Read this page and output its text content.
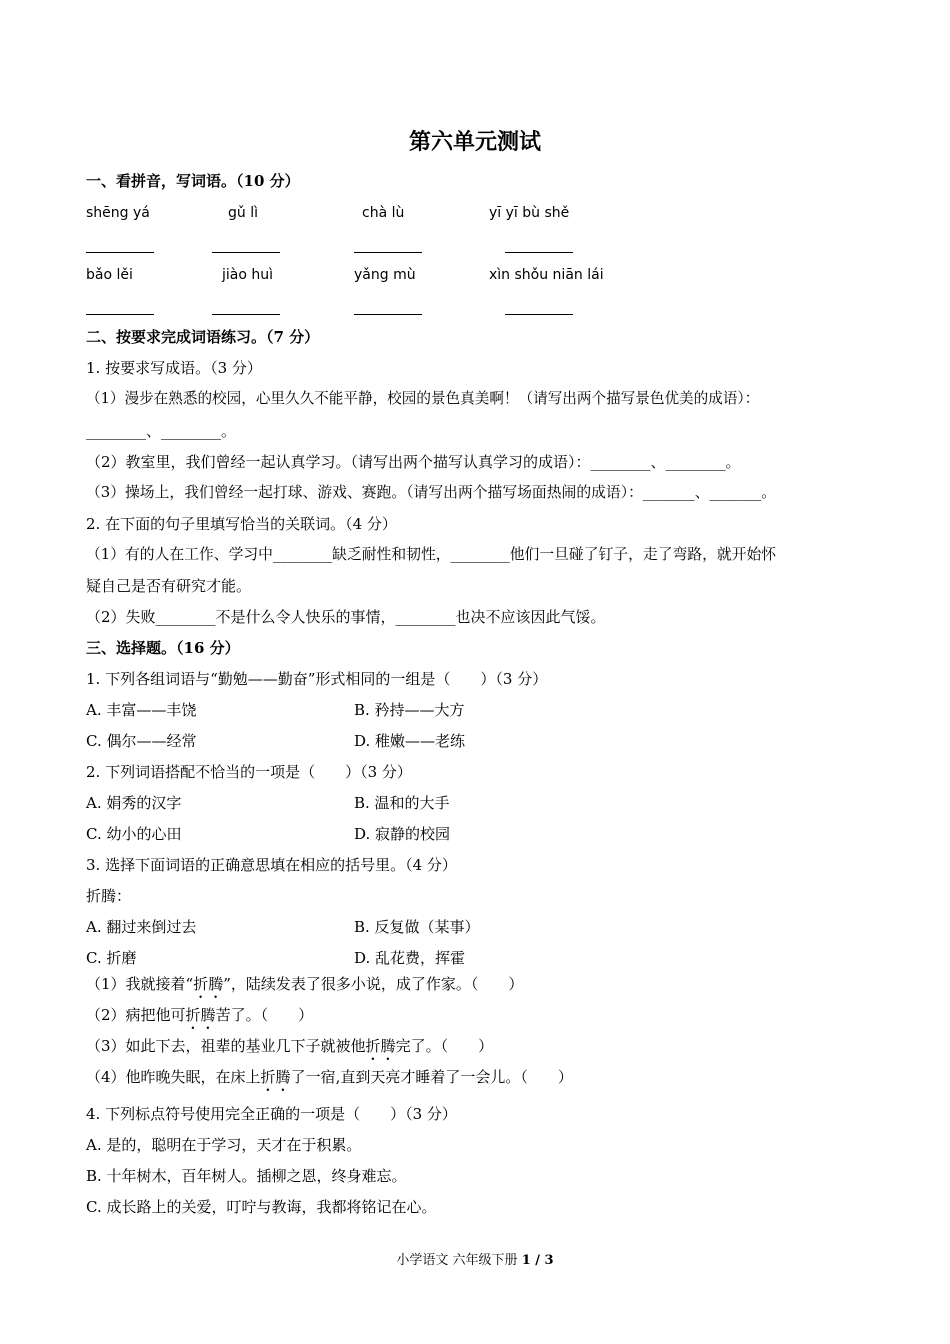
第六单元测试
一、看拼音，写词语。（10 分）
shēng yá	gǔ lì	chà lù	yī yī bù shě
bǎo lěi	jiào huì	yǎng mù	xìn shǒu niān lái
二、按要求完成词语练习。（7 分）
1. 按要求写成语。（3 分）
（1）漫步在熟悉的校园，心里久久不能平静，校园的景色真美啊！（请写出两个描写景色优美的成语）：
________、________。
（2）教室里，我们曾经一起认真学习。（请写出两个描写认真学习的成语）：________、________。
（3）操场上，我们曾经一起打球、游戏、赛跑。（请写出两个描写场面热闹的成语）：_______、_______。
2. 在下面的句子里填写恰当的关联词。（4 分）
（1）有的人在工作、学习中________缺乏耐性和韧性，________他们一旦碰了钉子，走了弯路，就开始怀
疑自己是否有研究才能。
（2）失败________不是什么令人快乐的事情，________也决不应该因此气馁。
三、选择题。（16 分）
1. 下列各组词语与“勤勉——勤奋”形式相同的一组是（　　）（3 分）
A. 丰富——丰饶	B. 矜持——大方
C. 偶尔——经常	D. 稚嫩——老练
2. 下列词语搭配不恰当的一项是（　　）（3 分）
A. 娟秀的汉字	B. 温和的大手
C. 幼小的心田	D. 寂静的校园
3. 选择下面词语的正确意思填在相应的括号里。（4 分）
折腾：
A. 翻过来倒过去	B. 反复做（某事）
C. 折磨	D. 乱花费，挥霍
（1）我就接着“折腾”，陆续发表了很多小说，成了作家。（　　）
（2）病把他可折腾苦了。（　　）
（3）如此下去，祖辈的基业几下子就被他折腾完了。（　　）
（4）他昨晚失眠，在床上折腾了一宿,直到天亮才睡着了一会儿。（　　）
4. 下列标点符号使用完全正确的一项是（　　）（3 分）
A. 是的，聪明在于学习，天才在于积累。
B. 十年树木，百年树人。插柳之恩，终身难忘。
C. 成长路上的关爱，叮咛与教诲，我都将铭记在心。
小学语文 六年级下册 1 / 3
